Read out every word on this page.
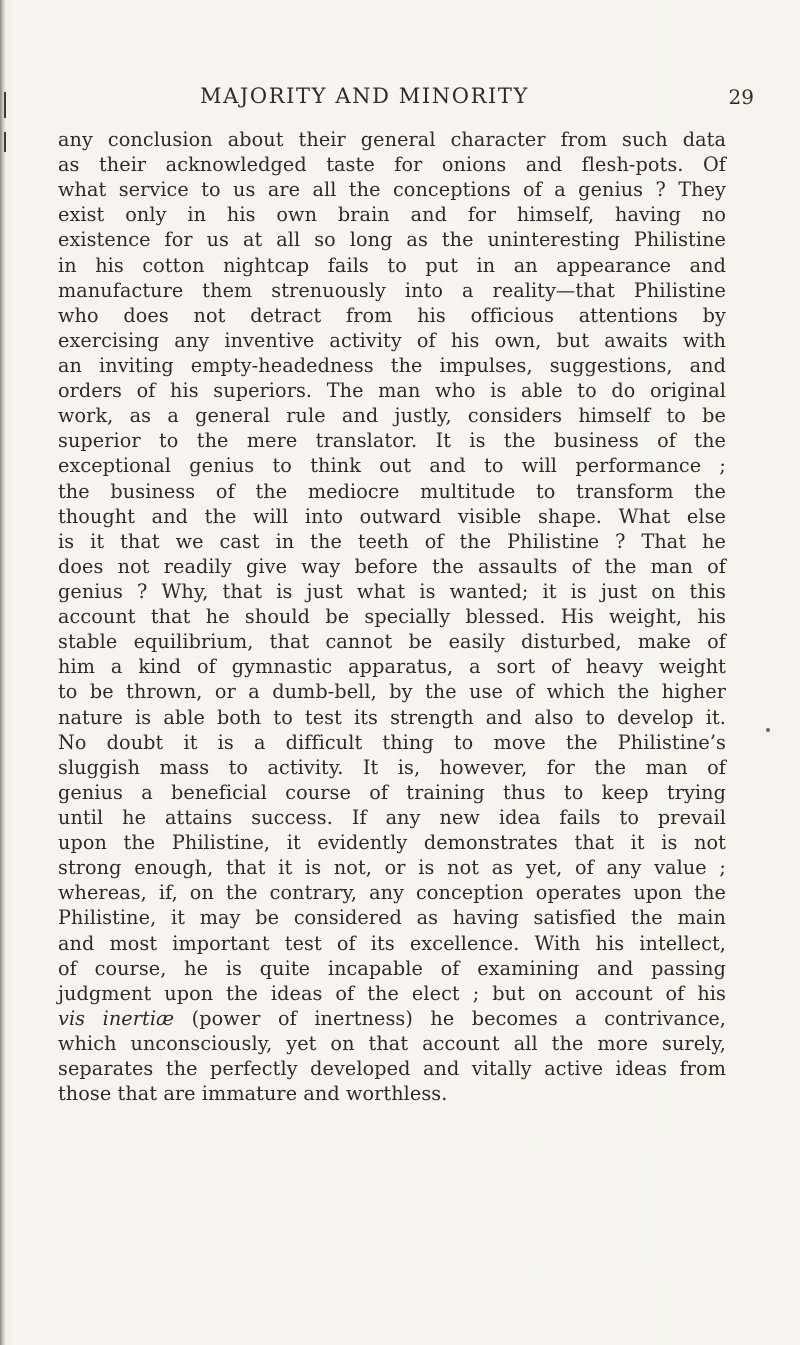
MAJORITY AND MINORITY	29
any conclusion about their general character from such data
as their acknowledged taste for onions and flesh-pots. Of
what service to us are all the conceptions of a genius ? They
exist only in his own brain and for himself, having no
existence for us at all so long as the uninteresting Philistine
in his cotton nightcap fails to put in an appearance and
manufacture them strenuously into a reality—that Philistine
who does not detract from his officious attentions by
exercising any inventive activity of his own, but awaits with
an inviting empty-headedness the impulses, suggestions, and
orders of his superiors. The man who is able to do original
work, as a general rule and justly, considers himself to be
superior to the mere translator. It is the business of the
exceptional genius to think out and to will performance ;
the business of the mediocre multitude to transform the
thought and the will into outward visible shape. What else
is it that we cast in the teeth of the Philistine ? That he
does not readily give way before the assaults of the man of
genius ? Why, that is just what is wanted; it is just on this
account that he should be specially blessed. His weight, his
stable equilibrium, that cannot be easily disturbed, make of
him a kind of gymnastic apparatus, a sort of heavy weight
to be thrown, or a dumb-bell, by the use of which the higher
nature is able both to test its strength and also to develop it.
No doubt it is a difficult thing to move the Philistine’s
sluggish mass to activity. It is, however, for the man of
genius a beneficial course of training thus to keep trying
until he attains success. If any new idea fails to prevail
upon the Philistine, it evidently demonstrates that it is not
strong enough, that it is not, or is not as yet, of any value ;
whereas, if, on the contrary, any conception operates upon the
Philistine, it may be considered as having satisfied the main
and most important test of its excellence. With his intellect,
of course, he is quite incapable of examining and passing
judgment upon the ideas of the elect ; but on account of his
vis inertiæ (power of inertness) he becomes a contrivance,
which unconsciously, yet on that account all the more surely,
separates the perfectly developed and vitally active ideas from
those that are immature and worthless.
